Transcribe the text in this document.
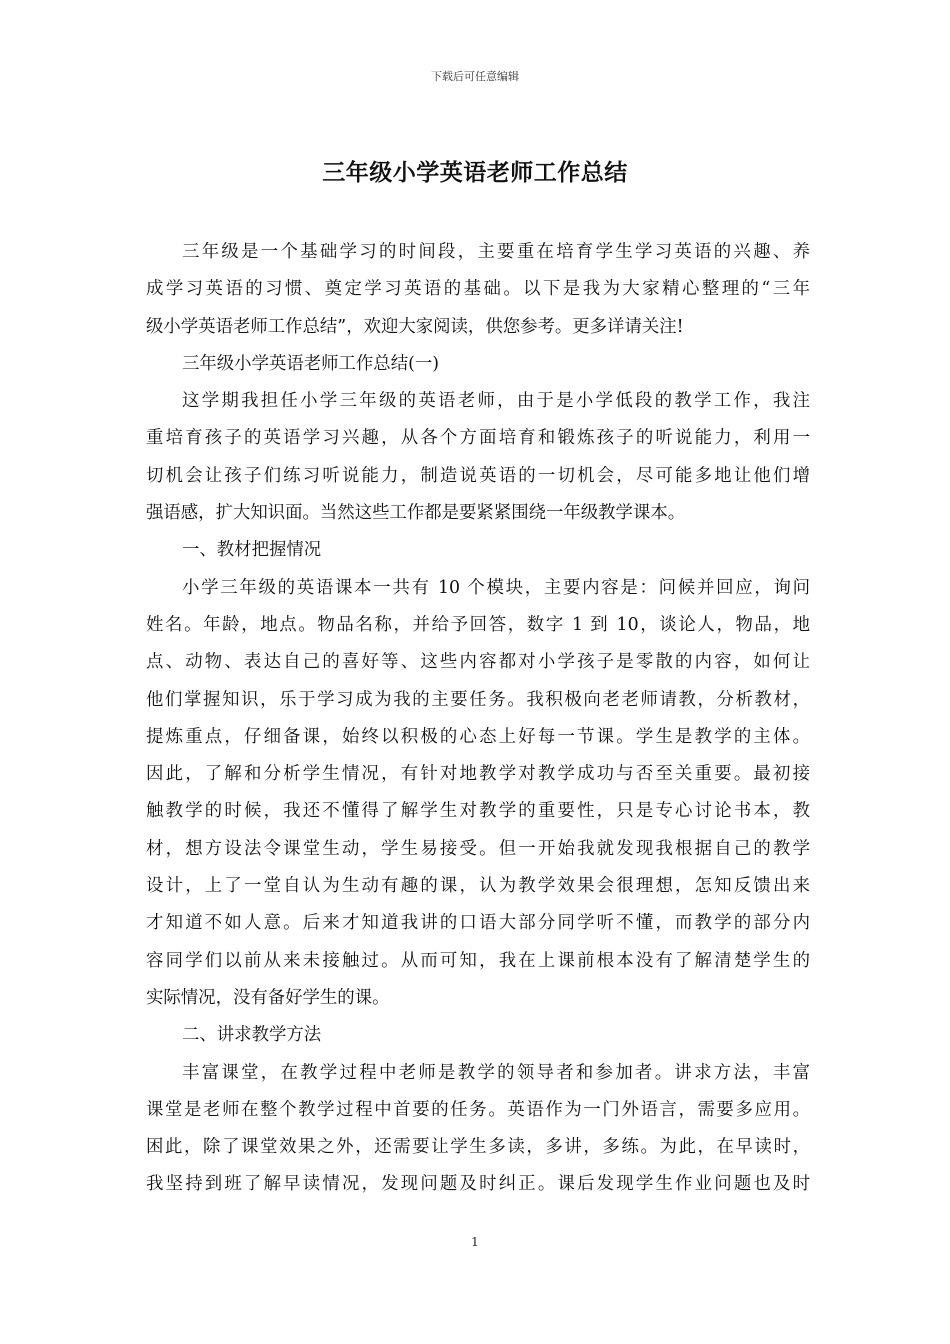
下载后可任意编辑
三年级小学英语老师工作总结
三年级是一个基础学习的时间段，主要重在培育学生学习英语的兴趣、养
成学习英语的习惯、奠定学习英语的基础。以下是我为大家精心整理的“三年
级小学英语老师工作总结”，欢迎大家阅读，供您参考。更多详请关注!
三年级小学英语老师工作总结(一)
这学期我担任小学三年级的英语老师，由于是小学低段的教学工作，我注
重培育孩子的英语学习兴趣，从各个方面培育和锻炼孩子的听说能力，利用一
切机会让孩子们练习听说能力，制造说英语的一切机会，尽可能多地让他们增
强语感，扩大知识面。当然这些工作都是要紧紧围绕一年级教学课本。
一、教材把握情况
小学三年级的英语课本一共有 10 个模块，主要内容是：问候并回应，询问
姓名。年龄，地点。物品名称，并给予回答，数字 1 到 10，谈论人，物品，地
点、动物、表达自己的喜好等、这些内容都对小学孩子是零散的内容，如何让
他们掌握知识，乐于学习成为我的主要任务。我积极向老老师请教，分析教材，
提炼重点，仔细备课，始终以积极的心态上好每一节课。学生是教学的主体。
因此，了解和分析学生情况，有针对地教学对教学成功与否至关重要。最初接
触教学的时候，我还不懂得了解学生对教学的重要性，只是专心讨论书本，教
材，想方设法令课堂生动，学生易接受。但一开始我就发现我根据自己的教学
设计，上了一堂自认为生动有趣的课，认为教学效果会很理想，怎知反馈出来
才知道不如人意。后来才知道我讲的口语大部分同学听不懂，而教学的部分内
容同学们以前从来未接触过。从而可知，我在上课前根本没有了解清楚学生的
实际情况，没有备好学生的课。
二、讲求教学方法
丰富课堂，在教学过程中老师是教学的领导者和参加者。讲求方法，丰富
课堂是老师在整个教学过程中首要的任务。英语作为一门外语言，需要多应用。
困此，除了课堂效果之外，还需要让学生多读，多讲，多练。为此，在早读时，
我坚持到班了解早读情况，发现问题及时纠正。课后发现学生作业问题也及时
1
